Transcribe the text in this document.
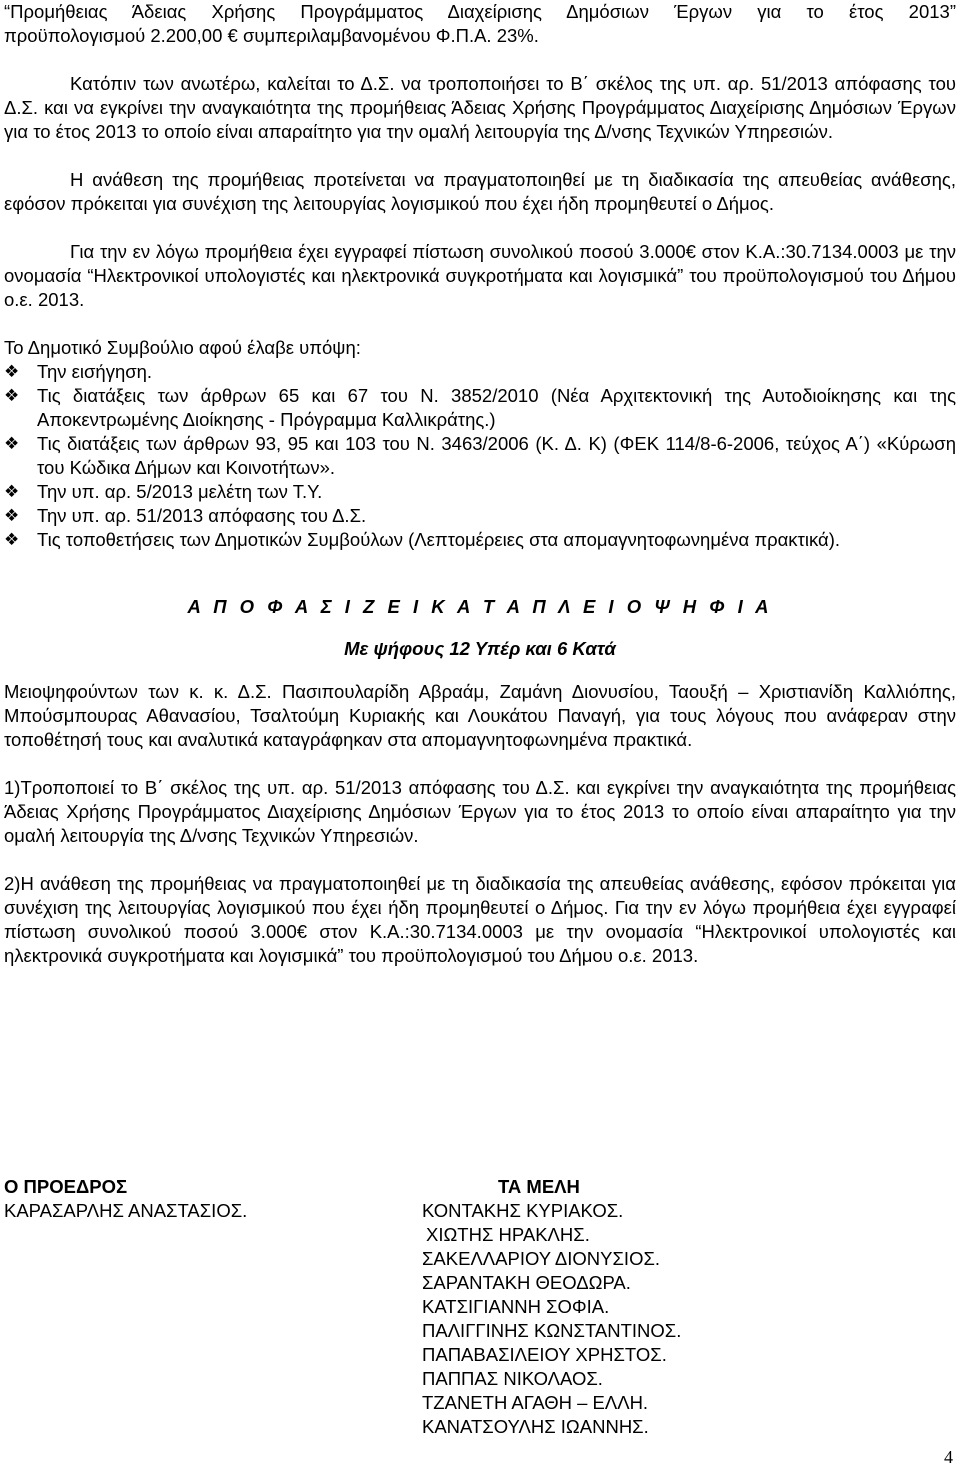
“Προμήθειας Άδειας Χρήσης Προγράμματος Διαχείρισης Δημόσιων Έργων για το έτος 2013”

προϋπολογισμού 2.200,00 € συμπεριλαμβανομένου Φ.Π.Α. 23%.

Κατόπιν των ανωτέρω, καλείται το Δ.Σ. να τροποποιήσει το Β΄ σκέλος της υπ. αρ. 51/2013 απόφασης του Δ.Σ. και να εγκρίνει την αναγκαιότητα της προμήθειας Άδειας Χρήσης Προγράμματος Διαχείρισης Δημόσιων Έργων για το έτος 2013 το οποίο είναι απαραίτητο για την ομαλή λειτουργία της Δ/νσης Τεχνικών Υπηρεσιών.

Η ανάθεση της προμήθειας προτείνεται να πραγματοποιηθεί με τη διαδικασία της απευθείας ανάθεσης, εφόσον πρόκειται για συνέχιση της λειτουργίας λογισμικού που έχει ήδη προμηθευτεί ο Δήμος.

Για την εν λόγω προμήθεια έχει εγγραφεί πίστωση συνολικού ποσού 3.000€ στον Κ.Α.:30.7134.0003 με την ονομασία “Ηλεκτρονικοί υπολογιστές και ηλεκτρονικά συγκροτήματα και λογισμικά” του προϋπολογισμού του Δήμου ο.ε. 2013.

Το Δημοτικό Συμβούλιο αφού έλαβε υπόψη:

❖ Την εισήγηση.
❖ Τις διατάξεις των άρθρων 65 και 67 του Ν. 3852/2010 (Νέα Αρχιτεκτονική της Αυτοδιοίκησης και της Αποκεντρωμένης Διοίκησης - Πρόγραμμα Καλλικράτης.)
❖ Τις διατάξεις των άρθρων 93, 95 και 103 του Ν. 3463/2006 (Κ. Δ. Κ) (ΦΕΚ 114/8-6-2006, τεύχος Α΄) «Κύρωση του Κώδικα Δήμων και Κοινοτήτων».
❖ Την υπ. αρ. 5/2013 μελέτη των Τ.Υ.
❖ Την υπ. αρ. 51/2013 απόφασης του Δ.Σ.
❖ Τις τοποθετήσεις των Δημοτικών Συμβούλων (Λεπτομέρειες στα απομαγνητοφωνημένα πρακτικά).

Α Π Ο Φ Α Σ Ι Ζ Ε Ι Κ Α Τ Α Π Λ Ε Ι Ο Ψ Η Φ Ι Α

Με ψήφους 12 Υπέρ και 6 Κατά

Μειοψηφούντων των κ. κ. Δ.Σ. Πασιπουλαρίδη Αβραάμ, Ζαμάνη Διονυσίου, Ταουξή – Χριστιανίδη Καλλιόπης, Μπούσμπουρας Αθανασίου, Τσαλτούμη Κυριακής και Λουκάτου Παναγή, για τους λόγους που ανάφεραν στην τοποθέτησή τους και αναλυτικά καταγράφηκαν στα απομαγνητοφωνημένα πρακτικά.

1)Τροποποιεί το Β΄ σκέλος της υπ. αρ. 51/2013 απόφασης του Δ.Σ. και εγκρίνει την αναγκαιότητα της προμήθειας Άδειας Χρήσης Προγράμματος Διαχείρισης Δημόσιων Έργων για το έτος 2013 το οποίο είναι απαραίτητο για την ομαλή λειτουργία της Δ/νσης Τεχνικών Υπηρεσιών.

2)Η ανάθεση της προμήθειας να πραγματοποιηθεί με τη διαδικασία της απευθείας ανάθεσης, εφόσον πρόκειται για συνέχιση της λειτουργίας λογισμικού που έχει ήδη προμηθευτεί ο Δήμος. Για την εν λόγω προμήθεια έχει εγγραφεί πίστωση συνολικού ποσού 3.000€ στον Κ.Α.:30.7134.0003 με την ονομασία “Ηλεκτρονικοί υπολογιστές και ηλεκτρονικά συγκροτήματα και λογισμικά” του προϋπολογισμού του Δήμου ο.ε. 2013.

Ο ΠΡΟΕΔΡΟΣ

ΚΑΡΑΣΑΡΛΗΣ ΑΝΑΣΤΑΣΙΟΣ.

ΤΑ ΜΕΛΗ

ΚΟΝΤΑΚΗΣ ΚΥΡΙΑΚΟΣ.

ΧΙΩΤΗΣ ΗΡΑΚΛΗΣ.

ΣΑΚΕΛΛΑΡΙΟΥ ΔΙΟΝΥΣΙΟΣ.

ΣΑΡΑΝΤΑΚΗ ΘΕΟΔΩΡΑ.

ΚΑΤΣΙΓΙΑΝΝΗ ΣΟΦΙΑ.

ΠΑΛΙΓΓΙΝΗΣ ΚΩΝΣΤΑΝΤΙΝΟΣ.

ΠΑΠΑΒΑΣΙΛΕΙΟΥ ΧΡΗΣΤΟΣ.

ΠΑΠΠΑΣ ΝΙΚΟΛΑΟΣ.

ΤΖΑΝΕΤΗ ΑΓΑΘΗ – ΕΛΛΗ.

ΚΑΝΑΤΣΟΥΛΗΣ ΙΩΑΝΝΗΣ.

4
